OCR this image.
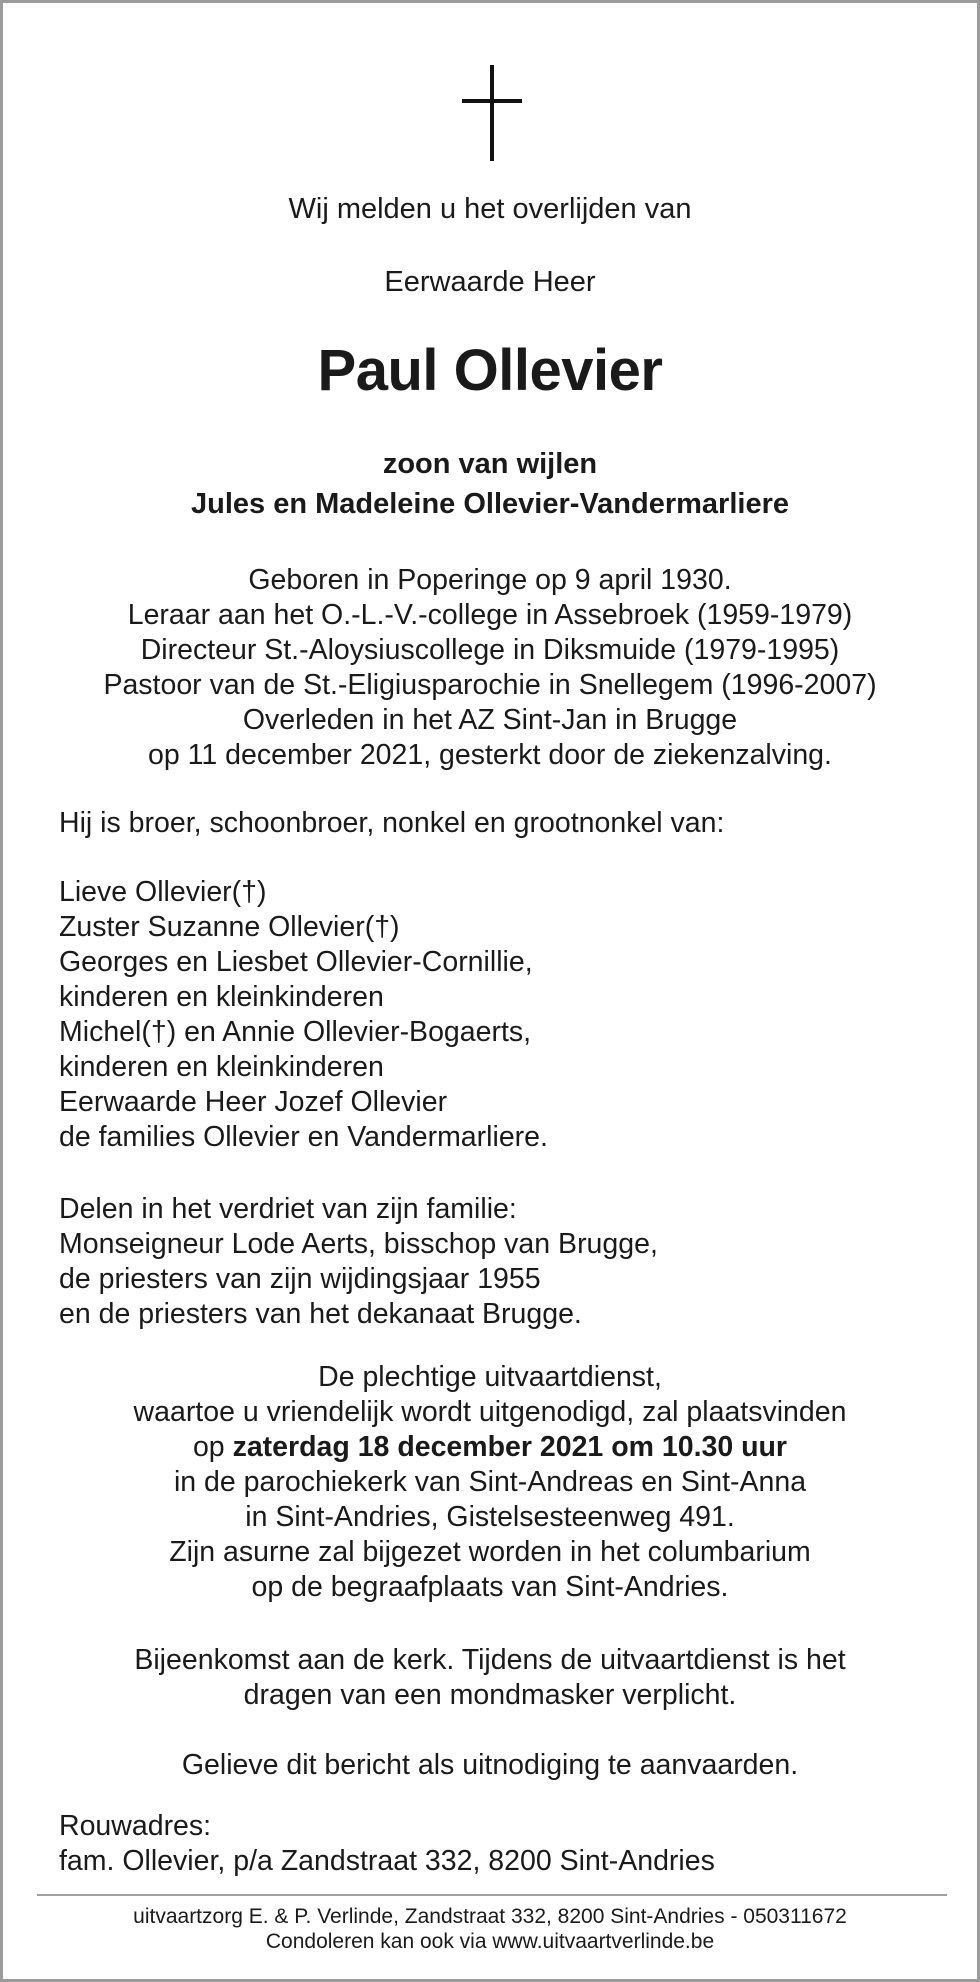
Wij melden u het overlijden van
Eerwaarde Heer
Paul Ollevier
zoon van wijlen
Jules en Madeleine Ollevier-Vandermarliere
Geboren in Poperinge op 9 april 1930.
Leraar aan het O.-L.-V.-college in Assebroek (1959-1979)
Directeur St.-Aloysiuscollege in Diksmuide (1979-1995)
Pastoor van de St.-Eligiusparochie in Snellegem (1996-2007)
Overleden in het AZ Sint-Jan in Brugge
op 11 december 2021, gesterkt door de ziekenzalving.
Hij is broer, schoonbroer, nonkel en grootnonkel van:
Lieve Ollevier(†)
Zuster Suzanne Ollevier(†)
Georges en Liesbet Ollevier-Cornillie,
kinderen en kleinkinderen
Michel(†) en Annie Ollevier-Bogaerts,
kinderen en kleinkinderen
Eerwaarde Heer Jozef Ollevier
de families Ollevier en Vandermarliere.
Delen in het verdriet van zijn familie:
Monseigneur Lode Aerts, bisschop van Brugge,
de priesters van zijn wijdingsjaar 1955
en de priesters van het dekanaat Brugge.
De plechtige uitvaartdienst,
waartoe u vriendelijk wordt uitgenodigd, zal plaatsvinden
op zaterdag 18 december 2021 om 10.30 uur
in de parochiekerk van Sint-Andreas en Sint-Anna
in Sint-Andries, Gistelsesteenweg 491.
Zijn asurne zal bijgezet worden in het columbarium
op de begraafplaats van Sint-Andries.
Bijeenkomst aan de kerk. Tijdens de uitvaartdienst is het
dragen van een mondmasker verplicht.
Gelieve dit bericht als uitnodiging te aanvaarden.
Rouwadres:
fam. Ollevier, p/a Zandstraat 332, 8200 Sint-Andries
uitvaartzorg E. & P. Verlinde, Zandstraat 332, 8200 Sint-Andries - 050311672
Condoleren kan ook via www.uitvaartverlinde.be
